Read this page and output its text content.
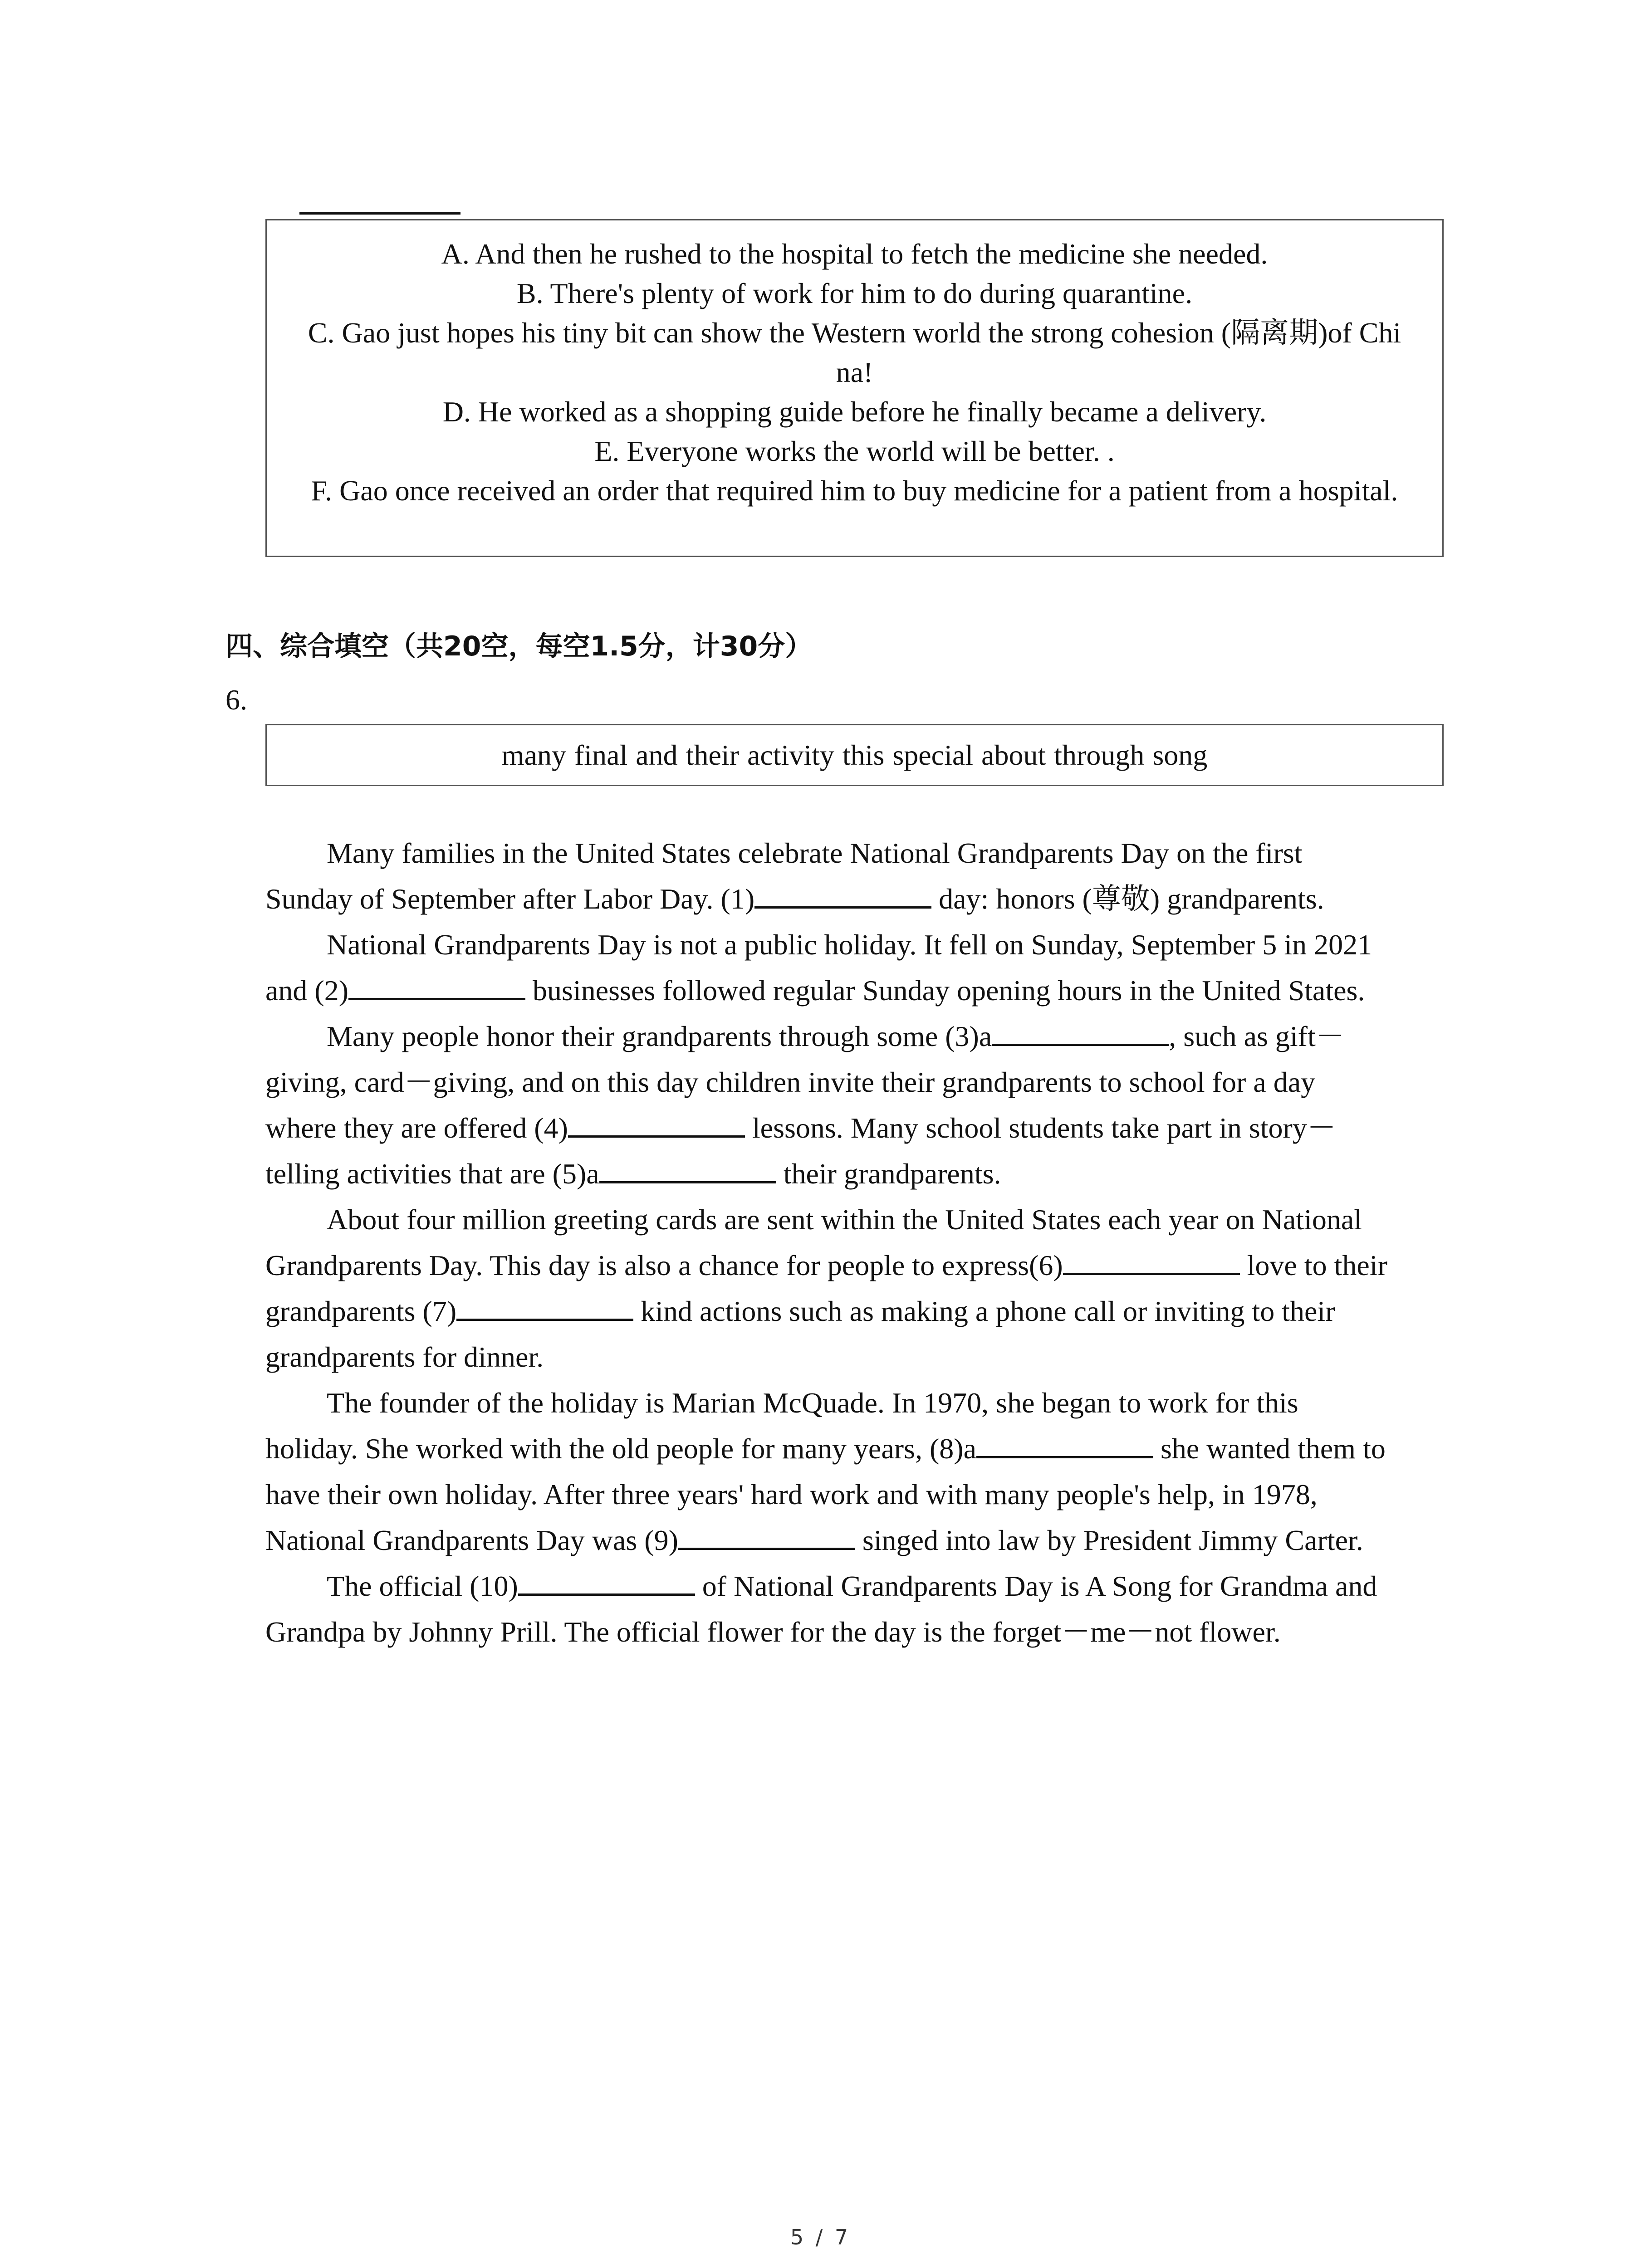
A. And then he rushed to the hospital to fetch the medicine she needed.
B. There's plenty of work for him to do during quarantine.
C. Gao just hopes his tiny bit can show the Western world the strong cohesion (隔离期)of Chi
na!
D. He worked as a shopping guide before he finally became a delivery.
E. Everyone works the world will be better. .
F. Gao once received an order that required him to buy medicine for a patient from a hospital.
四、综合填空（共20空，每空1.5分，计30分）
6.
many final and their activity this special about through song
Many families in the United States celebrate National Grandparents Day on the first
Sunday of September after Labor Day. (1)	day: honors (尊敬) grandparents.
National Grandparents Day is not a public holiday. It fell on Sunday, September 5 in 2021
and (2)	businesses followed regular Sunday opening hours in the United States.
Many people honor their grandparents through some (3)a	, such as gift－
giving, card－giving, and on this day children invite their grandparents to school for a day
where they are offered (4)	lessons. Many school students take part in story－
telling activities that are (5)a	their grandparents.
About four million greeting cards are sent within the United States each year on National
Grandparents Day. This day is also a chance for people to express(6)	love to their
grandparents (7)	kind actions such as making a phone call or inviting to their
grandparents for dinner.
The founder of the holiday is Marian McQuade. In 1970, she began to work for this
holiday. She worked with the old people for many years, (8)a	she wanted them to
have their own holiday. After three years' hard work and with many people's help, in 1978,
National Grandparents Day was (9)	singed into law by President Jimmy Carter.
The official (10)	of National Grandparents Day is A Song for Grandma and
Grandpa by Johnny Prill. The official flower for the day is the forget－me－not flower.
5 / 7
